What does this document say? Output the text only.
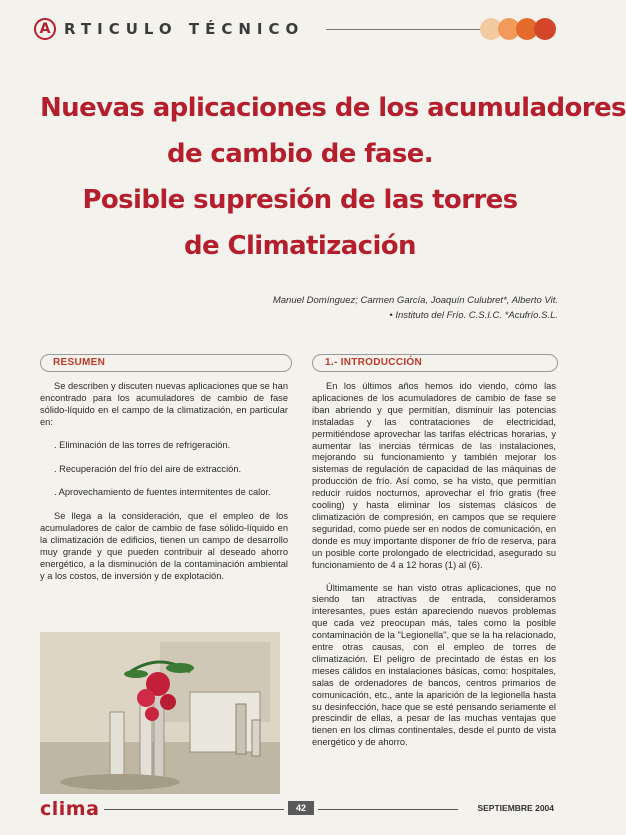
A RTICULO TÉCNICO
Nuevas aplicaciones de los acumuladores
de cambio de fase.
Posible supresión de las torres
de Climatización
Manuel Domínguez; Carmen García, Joaquín Culubret*, Alberto Vit.
• Instituto del Frío. C.S.I.C. *Acufrío.S.L.
RESUMEN	1.- INTRODUCCIÓN

Se describen y discuten nuevas aplicaciones que se han encontrado para los acumuladores de cambio de fase sólido-líquido en el campo de la climatización, en particular en:

. Eliminación de las torres de refrigeración.

. Recuperación del frío del aire de extracción.

. Aprovechamiento de fuentes intermitentes de calor.

Se llega a la consideración, que el empleo de los acumuladores de calor de cambio de fase sólido-líquido en la climatización de edificios, tienen un campo de desarrollo muy grande y que pueden contribuir al deseado ahorro energético, a la disminución de la contaminación ambiental y a los costos, de inversión y de explotación.

En los últimos años hemos ido viendo, cómo las aplicaciones de los acumuladores de cambio de fase se iban abriendo y que permitían, disminuir las potencias instaladas y las contrataciones de electricidad, permitiéndose aprovechar las tarifas eléctricas horarias, y aumentar las inercias térmicas de las instalaciones, mejorando su funcionamiento y también mejorar los sistemas de regulación de capacidad de las máquinas de producción de frío. Así como, se ha visto, que permitían reducir ruidos nocturnos, aprovechar el frío gratis (free cooling) y hasta eliminar los sistemas clásicos de climatización de compresión, en campos que se requiere seguridad, como puede ser en nodos de comunicación, en donde es muy importante disponer de frío de reserva, para un posible corte prolongado de electricidad, asegurado su funcionamiento de 4 a 12 horas (1) al (6).

Últimamente se han visto otras aplicaciones, que no siendo tan atractivas de entrada, consideramos interesantes, pues están apareciendo nuevos problemas que cada vez preocupan más, tales como la posible contaminación de la "Legionella", que se la ha relacionado, entre otras causas, con el empleo de torres de climatización. El peligro de precintado de éstas en los meses cálidos en instalaciones básicas, como: hospitales, salas de ordenadores de bancos, centros primarios de comunicación, etc., ante la aparición de la legionella hasta su desinfección, hace que se esté pensando seriamente el prescindir de ellas, a pesar de las muchas ventajas que tienen en los climas continentales, desde el punto de vista energético y de ahorro.

clima	42	SEPTIEMBRE 2004
